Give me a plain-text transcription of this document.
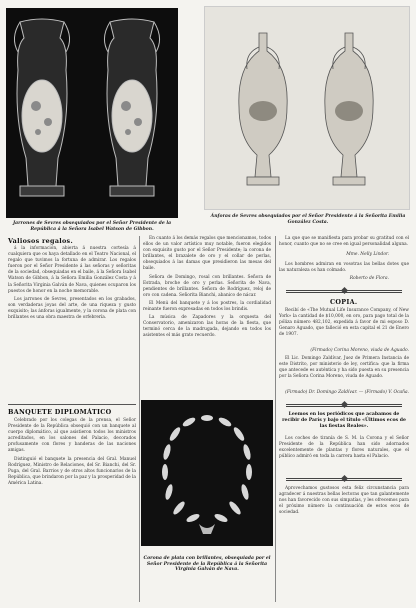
Jarrones de Sevres obsequiados por el Señor Presidente de la República á la Señora Isabel Watson de Gibbon.
Ánforas de Sevres obsequiados por el Señor Presidente á la Señorita Emilia González Costa.
Valiosos regalos.

á la información, abierta á nuestra cortesía á cualquiera que os haya detallado en el Teatro Nacional, el regalo que tuvimos la fortuna de admirar. Los regalos fueron por el Señor Presidente á las señoras y señoritas de la sociedad, obsequiadas en el baile, á la Señora Isabel Watson de Gibbon, á la Señora Emilia González Costa y á la Señorita Virginia Galván de Nava, quienes ocuparon los puestos de honor en la noche memorable.

Los jarrones de Sevres, presentados en los grabados, son verdaderas joyas del arte, de una riqueza y gusto exquisito; las ánforas igualmente, y la corona de plata con brillantes es una obra maestra de orfebrería.

BANQUETE DIPLOMÁTICO

Celebrado por los colegas de la prensa, el Señor Presidente de la República obsequió con un banquete al cuerpo diplomático, al que asistieron todos los ministros acreditados, en los salones del Palacio, decorados profusamente con flores y banderas de las naciones amigas.

Distinguió el banquete la presencia del Gral. Manuel Rodríguez, Ministro de Relaciones, del Sr. Bianchi, del Sr. Puga, del Gral. Barrios y de otros altos funcionarios de la República, que brindaron por la paz y la prosperidad de la América Latina.

En cuanto á los demás regalos que mencionamos, todos ellos de un valor artístico muy notable, fueron elegidos con exquisito gusto por el Señor Presidente; la corona de brillantes, el brazalete de oro y el collar de perlas, obsequiados á las damas que presidieron las mesas del baile.

Señora de Domingo, rosal con brillantes. Señora de Estrada, broche de oro y perlas. Señorita de Nava, pendientes de brillantes. Señora de Rodríguez, reloj de oro con cadena. Señorita Bianchi, abanico de nácar.

El Menú del banquete y á los postres, la cordialidad reinante fueron expresadas en todos los brindis.

La música de Zapadores y la orquesta del Conservatorio, amenizaron las horas de la fiesta, que terminó cerca de la madrugada, dejando en todos los asistentes el más grato recuerdo.

Corona de plata con brillantes, obsequiada por el Señor Presidente de la República á la Señorita Virginia Galván de Nava.

La que que se manifiesta para probar su gratitud con el honor, cuanto que no se cree en igual personalidad alguna.

Mme. Nelly Lindor.

Los hombres admiran en vosotras las bellas dotes que las naturaleza os han colmado.

Roberto de Flora.
COPIA.

Recibí de «The Mutual Life Insurance Company, of New York» la cantidad de $10,000, en oro, para pago total de la póliza número 482,102, expedida á favor de mi esposo D. Genaro Aguado, que falleció en esta capital el 21 de Enero de 1907.

(Firmado) Corina Moreno, viuda de Aguado.

El Lic. Domingo Zaldívar, Juez de Primera Instancia de este Distrito, por ministerio de ley, certifica: que la firma que antecede es auténtica y ha sido puesta en su presencia por la Señora Corina Moreno, viuda de Aguado.

(Firmado) Dr. Domingo Zaldívar. — (Firmado) V. Ocaña.
Leemos en los periódicos que acabamos de recibir de París y bajo el título «Últimos ecos de las fiestas Reales».

Los coches de tiranía de S. M. la Corona y el Señor Presidente de la República han sido adornados excelentemente de plantas y flores naturales, que el público admiró en toda la carrera hasta el Palacio.

Aprovechamos gustosos esta feliz circunstancia para agradecer á nuestras bellas lectoras que tan galantemente nos han favorecido con sus simpatías, y les ofrecemos para el próximo número la continuación de estos ecos de sociedad.
